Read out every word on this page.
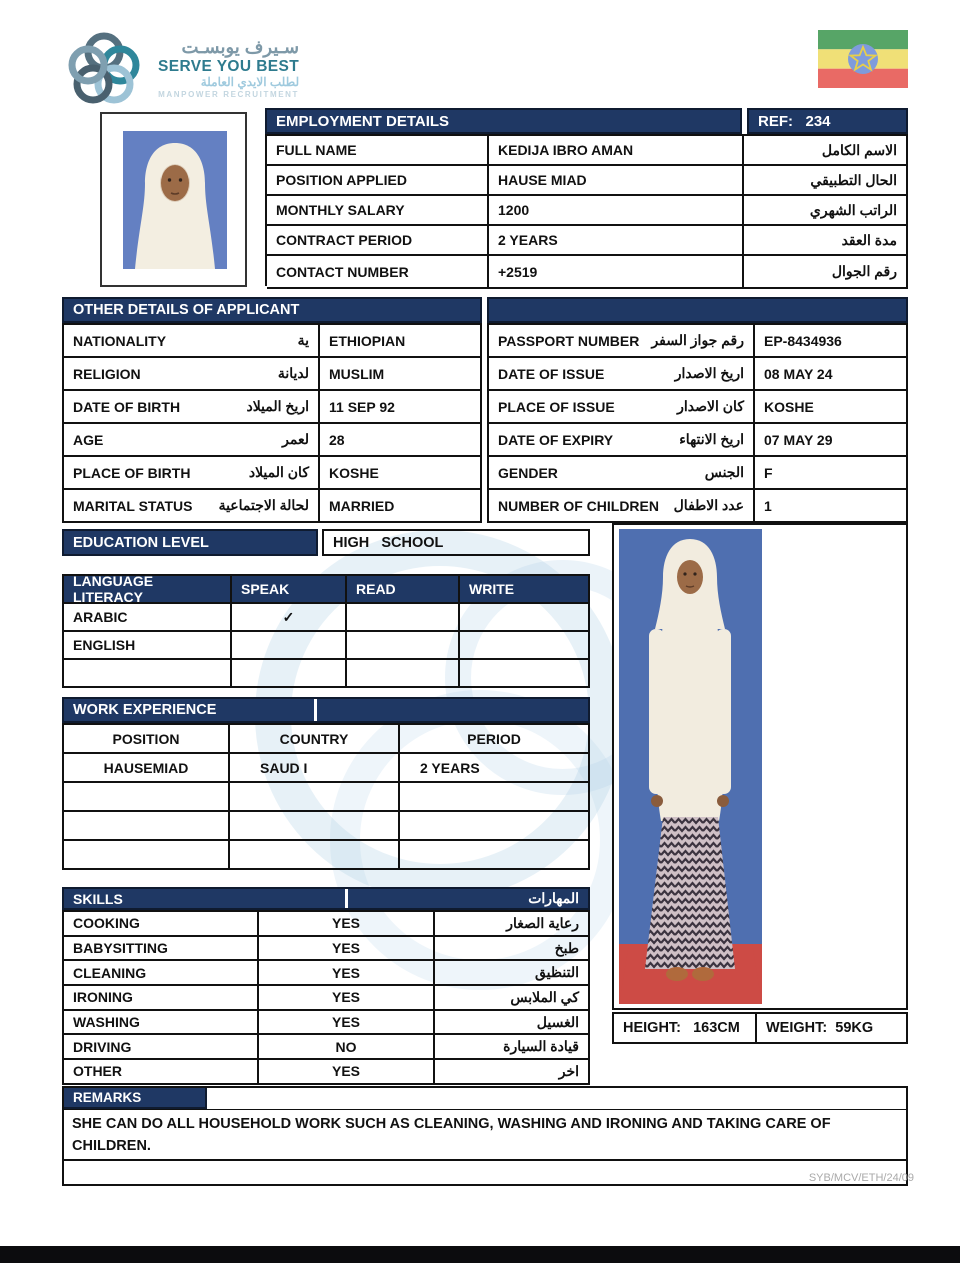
سـيرف يوبسـت
SERVE YOU BEST
لطلب الايدي العاملة
MANPOWER RECRUITMENT
EMPLOYMENT DETAILS	REF:   234
FULL NAME	KEDIJA IBRO AMAN	الاسم الكامل
POSITION APPLIED	HAUSE MIAD	الحال التطبيقي
MONTHLY SALARY	1200	الراتب الشهري
CONTRACT PERIOD	2 YEARS	مدة العقد
CONTACT NUMBER	+2519	رقم الجوال
OTHER DETAILS OF APPLICANT
NATIONALITY	ية	ETHIOPIAN
RELIGION	لديانة	MUSLIM
DATE OF BIRTH	اريخ الميلاد	11 SEP 92
AGE	لعمر	28
PLACE OF BIRTH	كان الميلاد	KOSHE
MARITAL STATUS لحالة الاجتماعية	MARRIED
PASSPORT NUMBER رقم جواز السفر	EP-8434936
DATE OF ISSUE	اريخ الاصدار	08 MAY 24
PLACE OF ISSUE	كان الاصدار	KOSHE
DATE OF EXPIRY	اريخ الانتهاء	07 MAY 29
GENDER	الجنس	F
NUMBER OF CHILDREN عدد الاطفال	1
EDUCATION LEVEL	HIGH   SCHOOL
HEIGHT:   163CM	WEIGHT:  59KG
LANGUAGE LITERACY	SPEAK	READ	WRITE
ARABIC	✓
ENGLISH
WORK EXPERIENCE
POSITION	COUNTRY	PERIOD
HAUSEMIAD	SAUD I	2 YEARS
SKILLS	المهارات
COOKING	YES	رعاية الصغار
BABYSITTING	YES	طبخ
CLEANING	YES	التنظيق
IRONING	YES	كي الملابس
WASHING	YES	الغسيل
DRIVING	NO	قيادة السيارة
OTHER	YES	اخر
REMARKS
SHE CAN DO ALL HOUSEHOLD WORK SUCH AS CLEANING, WASHING AND IRONING AND TAKING CARE OF CHILDREN.
SYB/MCV/ETH/24/09
